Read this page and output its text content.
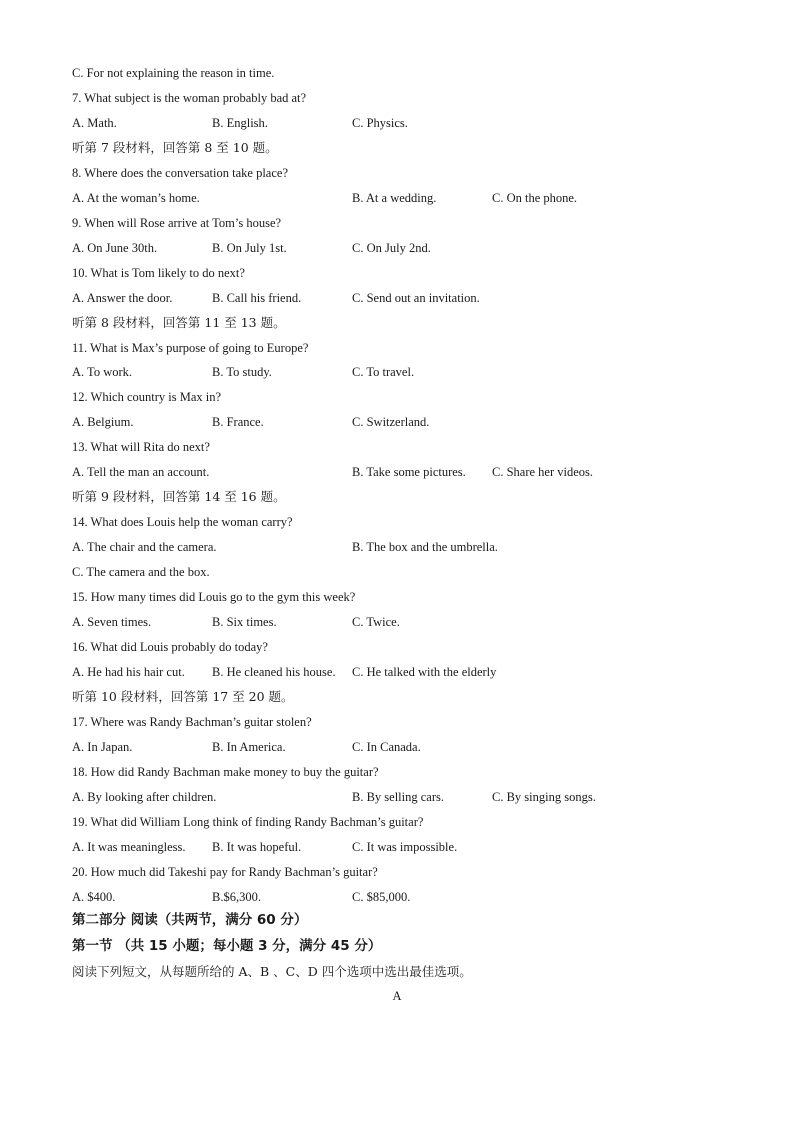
C. For not explaining the reason in time.
7. What subject is the woman probably bad at?
A. Math.	B. English.	C. Physics.
听第 7 段材料，回答第 8 至 10 题。
8. Where does the conversation take place?
A. At the woman’s home.	B. At a wedding.	C. On the phone.
9. When will Rose arrive at Tom’s house?
A. On June 30th.	B. On July 1st.	C. On July 2nd.
10. What is Tom likely to do next?
A. Answer the door.	B. Call his friend.	C. Send out an invitation.
听第 8 段材料，回答第 11 至 13 题。
11. What is Max’s purpose of going to Europe?
A. To work.	B. To study.	C. To travel.
12. Which country is Max in?
A. Belgium.	B. France.	C. Switzerland.
13. What will Rita do next?
A. Tell the man an account.	B. Take some pictures. C. Share her videos.
听第 9 段材料，回答第 14 至 16 题。
14. What does Louis help the woman carry?
A. The chair and the camera.	B. The box and the umbrella.
C. The camera and the box.
15. How many times did Louis go to the gym this week?
A. Seven times.	B. Six times.	C. Twice.
16. What did Louis probably do today?
A. He had his hair cut. B. He cleaned his house. C. He talked with the elderly
听第 10 段材料，回答第 17 至 20 题。
17. Where was Randy Bachman’s guitar stolen?
A. In Japan.	B. In America.	C. In Canada.
18. How did Randy Bachman make money to buy the guitar?
A. By looking after children.	B. By selling cars.	C. By singing songs.
19. What did William Long think of finding Randy Bachman’s guitar?
A. It was meaningless. B. It was hopeful.	C. It was impossible.
20. How much did Takeshi pay for Randy Bachman’s guitar?
A. $400.	B.$6,300.	C. $85,000.
第二部分 阅读（共两节，满分 60 分）
第一节 （共 15 小题；每小题 3 分，满分 45 分）
阅读下列短文，从每题所给的 A、B 、C、D 四个选项中选出最佳选项。
A
